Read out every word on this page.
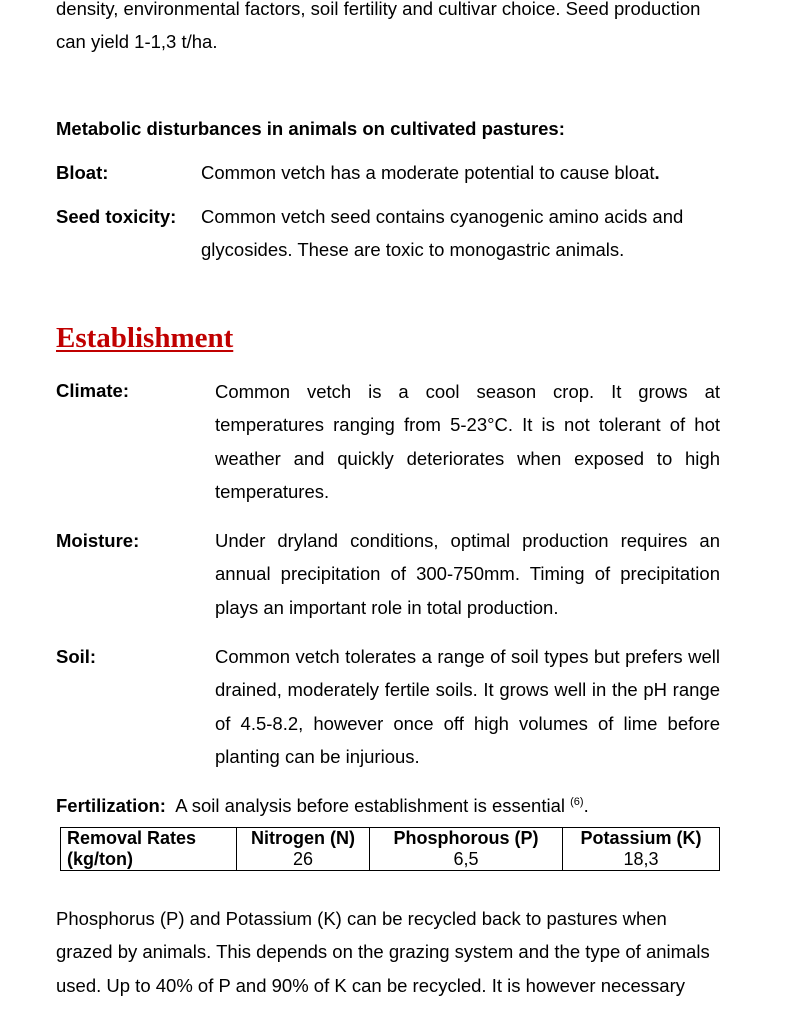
density, environmental factors, soil fertility and cultivar choice. Seed production
can yield 1-1,3 t/ha.
Metabolic disturbances in animals on cultivated pastures:
Bloat:	Common vetch has a moderate potential to cause bloat.
Seed toxicity: Common vetch seed contains cyanogenic amino acids and
glycosides. These are toxic to monogastric animals.
Establishment
Climate:	Common vetch is a cool season crop. It grows at temperatures ranging from 5-23°C. It is not tolerant of hot weather and quickly deteriorates when exposed to high temperatures.
Moisture:	Under dryland conditions, optimal production requires an annual precipitation of 300-750mm. Timing of precipitation plays an important role in total production.
Soil:	Common vetch tolerates a range of soil types but prefers well drained, moderately fertile soils. It grows well in the pH range of 4.5-8.2, however once off high volumes of lime before planting can be injurious.
Fertilization: A soil analysis before establishment is essential $^{(6)}$.
Removal Rates	Nitrogen (N)	Phosphorous (P)	Potassium (K)
(kg/ton)	26	6,5	18,3
Phosphorus (P) and Potassium (K) can be recycled back to pastures when
grazed by animals. This depends on the grazing system and the type of animals
used. Up to 40% of P and 90% of K can be recycled. It is however necessary
